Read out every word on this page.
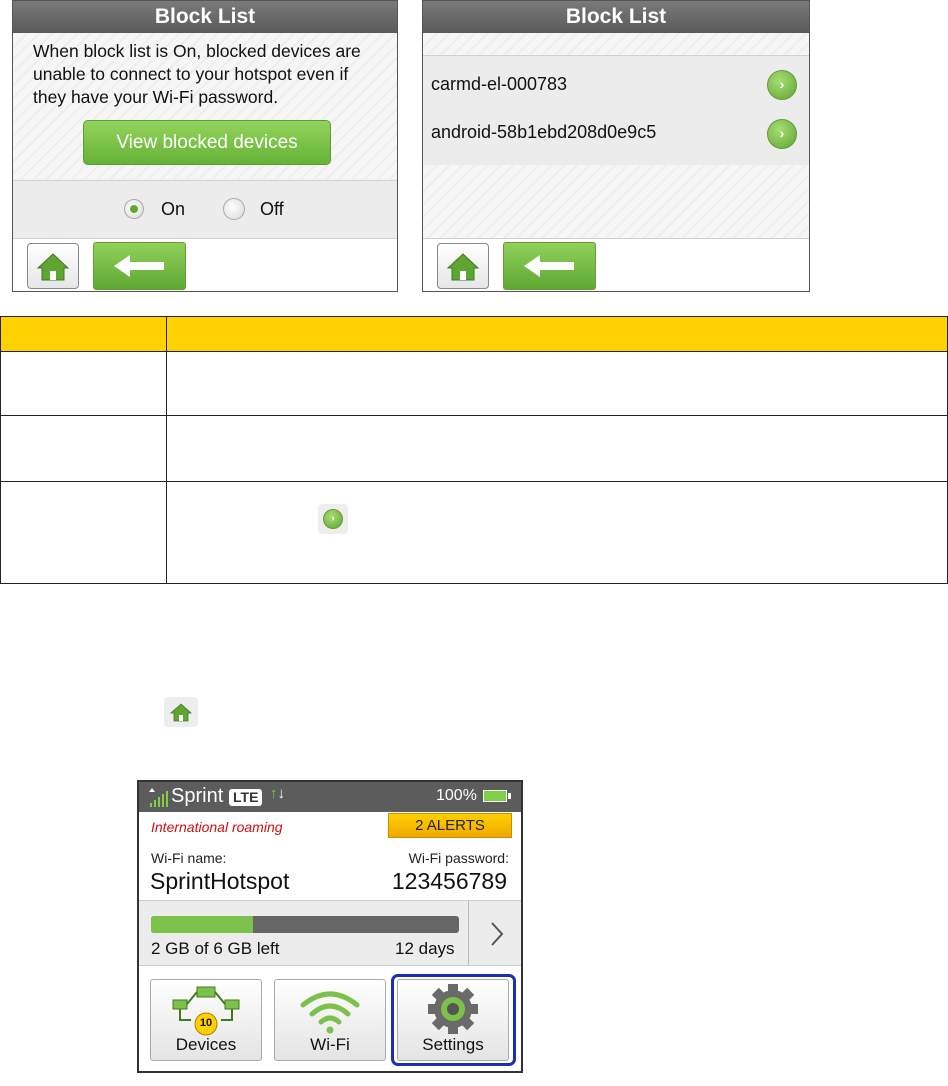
Block List
When block list is On, blocked devices are unable to connect to your hotspot even if they have your Wi-Fi password.
View blocked devices
On	Off
Block List
carmd-el-000783	›
android-58b1ebd208d0e9c5	›

	›
Sprint LTE ↑↓	100%
International roaming	2 ALERTS
Wi-Fi name:
SprintHotspot
Wi-Fi password:
123456789
2 GB of 6 GB left	12 days
10
Devices	Wi-Fi	Settings
